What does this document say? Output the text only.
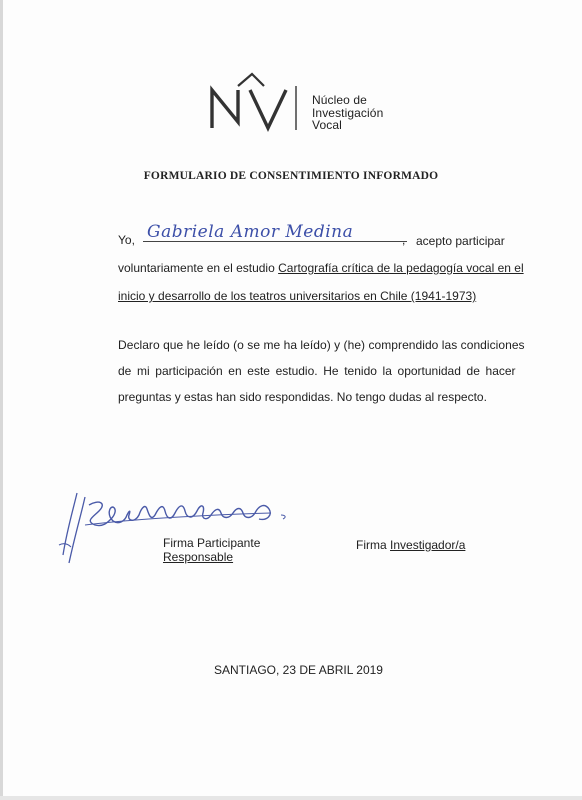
Núcleo de
Investigación
Vocal
FORMULARIO DE CONSENTIMIENTO INFORMADO
Yo, Gabriela Amor Medina	, acepto participar
voluntariamente en el estudio Cartografía crítica de la pedagogía vocal en el
inicio y desarrollo de los teatros universitarios en Chile (1941-1973)
Declaro que he leído (o se me ha leído) y (he) comprendido las condiciones
de mi participación en este estudio. He tenido la oportunidad de hacer
preguntas y estas han sido respondidas. No tengo dudas al respecto.
Firma Participante
Responsable
Firma Investigador/a
SANTIAGO, 23 DE ABRIL 2019
